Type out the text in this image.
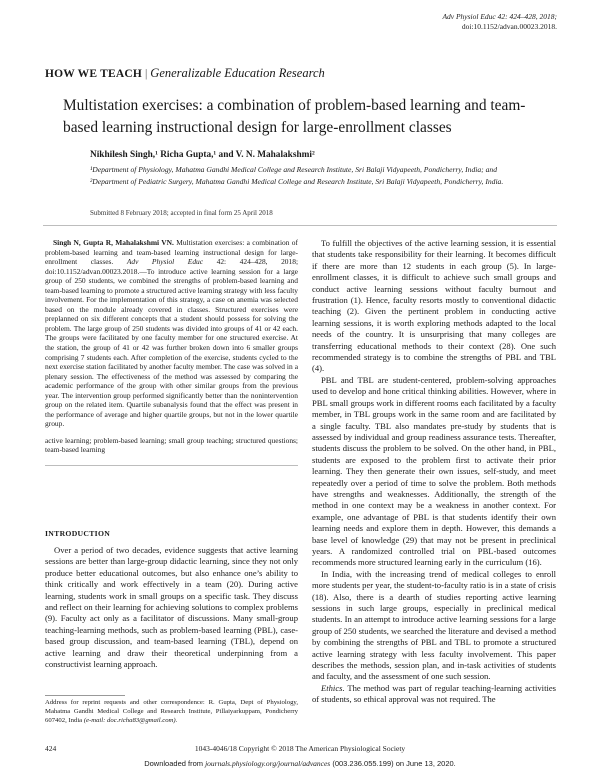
Adv Physiol Educ 42: 424–428, 2018;
doi:10.1152/advan.00023.2018.
HOW WE TEACH | Generalizable Education Research
Multistation exercises: a combination of problem-based learning and team-based learning instructional design for large-enrollment classes
Nikhilesh Singh,¹ Richa Gupta,¹ and V. N. Mahalakshmi²
¹Department of Physiology, Mahatma Gandhi Medical College and Research Institute, Sri Balaji Vidyapeeth, Pondicherry, India; and ²Department of Pediatric Surgery, Mahatma Gandhi Medical College and Research Institute, Sri Balaji Vidyapeeth, Pondicherry, India.
Submitted 8 February 2018; accepted in final form 25 April 2018

Singh N, Gupta R, Mahalakshmi VN. Multistation exercises: a combination of problem-based learning and team-based learning instructional design for large-enrollment classes. Adv Physiol Educ 42: 424–428, 2018; doi:10.1152/advan.00023.2018.—To introduce active learning session for a large group of 250 students, we combined the strengths of problem-based learning and team-based learning to promote a structured active learning strategy with less faculty involvement. For the implementation of this strategy, a case on anemia was selected based on the module already covered in classes. Structured exercises were preplanned on six different concepts that a student should possess for solving the problem. The large group of 250 students was divided into groups of 41 or 42 each. The groups were facilitated by one faculty member for one structured exercise. At the station, the group of 41 or 42 was further broken down into 6 smaller groups comprising 7 students each. After completion of the exercise, students cycled to the next exercise station facilitated by another faculty member. The case was solved in a plenary session. The effectiveness of the method was assessed by comparing the academic performance of the group with other similar groups from the previous year. The intervention group performed significantly better than the nonintervention group on the related item. Quartile subanalysis found that the effect was present in the performance of average and higher quartile groups, but not in the lower quartile group.

active learning; problem-based learning; small group teaching; structured questions; team-based learning

INTRODUCTION

Over a period of two decades, evidence suggests that active learning sessions are better than large-group didactic learning, since they not only produce better educational outcomes, but also enhance one’s ability to think critically and work effectively in a team (20). During active learning, students work in small groups on a specific task. They discuss and reflect on their learning for achieving solutions to complex problems (9). Faculty act only as a facilitator of discussions. Many small-group teaching-learning methods, such as problem-based learning (PBL), case-based group discussion, and team-based learning (TBL), depend on active learning and draw their theoretical underpinning from a constructivist learning approach.

To fulfill the objectives of the active learning session, it is essential that students take responsibility for their learning. It becomes difficult if there are more than 12 students in each group (5). In large-enrollment classes, it is difficult to achieve such small groups and conduct active learning sessions without faculty burnout and frustration (1). Hence, faculty resorts mostly to conventional didactic teaching (2). Given the pertinent problem in conducting active learning sessions, it is worth exploring methods adapted to the local needs of the country. It is unsurprising that many colleges are transferring educational methods to their context (28). One such recommended strategy is to combine the strengths of PBL and TBL (4).

PBL and TBL are student-centered, problem-solving approaches used to develop and hone critical thinking abilities. However, where in PBL small groups work in different rooms each facilitated by a faculty member, in TBL groups work in the same room and are facilitated by a single faculty. TBL also mandates pre-study by students that is assessed by individual and group readiness assurance tests. Thereafter, students discuss the problem to be solved. On the other hand, in PBL, students are exposed to the problem first to activate their prior learning. They then generate their own issues, self-study, and meet repeatedly over a period of time to solve the problem. Both methods have strengths and weaknesses. Additionally, the strength of the method in one context may be a weakness in another context. For example, one advantage of PBL is that students identify their own learning needs and explore them in depth. However, this demands a base level of knowledge (29) that may not be present in preclinical years. A randomized controlled trial on PBL-based outcomes recommends more structured learning early in the curriculum (16).

In India, with the increasing trend of medical colleges to enroll more students per year, the student-to-faculty ratio is in a state of crisis (18). Also, there is a dearth of studies reporting active learning sessions in such large groups, especially in preclinical medical students. In an attempt to introduce active learning sessions for a large group of 250 students, we searched the literature and devised a method by combining the strengths of PBL and TBL to promote a structured active learning strategy with less faculty involvement. This paper describes the methods, session plan, and in-task activities of students and faculty, and the assessment of one such session.

Ethics. The method was part of regular teaching-learning activities of students, so ethical approval was not required. The

Address for reprint requests and other correspondence: R. Gupta, Dept of Physiology, Mahatma Gandhi Medical College and Research Institute, Pillaiyarkuppam, Pondicherry 607402, India (e-mail: doc.richa83@gmail.com).

424	1043-4046/18 Copyright © 2018 The American Physiological Society
Downloaded from journals.physiology.org/journal/advances (003.236.055.199) on June 13, 2020.
